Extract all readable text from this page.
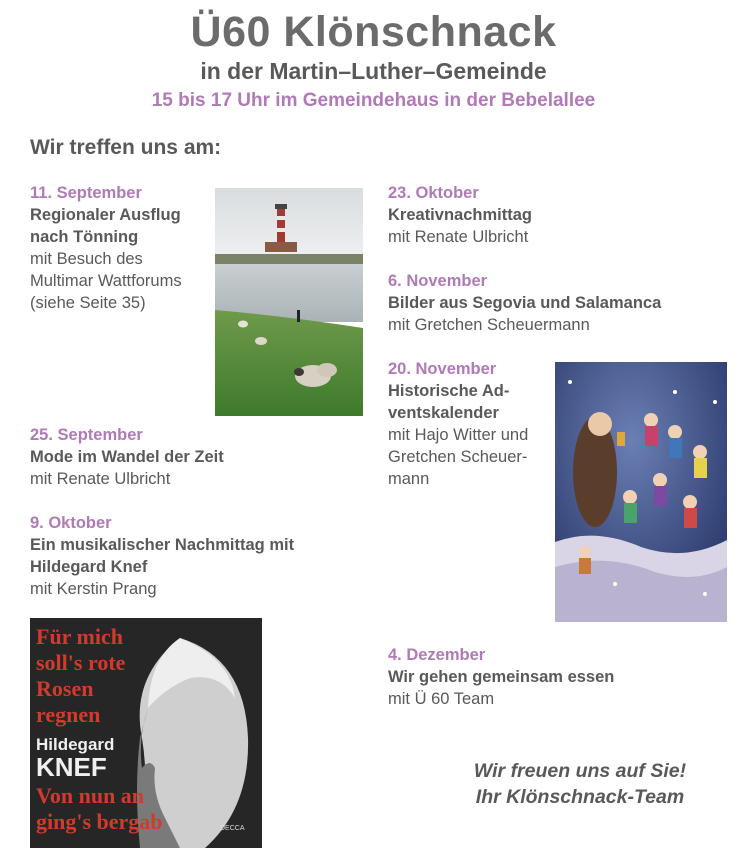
Ü60 Klönschnack
in der Martin–Luther–Gemeinde
15 bis 17 Uhr im Gemeindehaus in der Bebelallee
Wir treffen uns am:
11. September
Regionaler Ausflug
nach Tönning
mit Besuch des
Multimar Wattforums
(siehe Seite 35)
25. September
Mode im Wandel der Zeit
mit Renate Ulbricht
9. Oktober
Ein musikalischer Nachmittag mit
Hildegard Knef
mit Kerstin Prang
23. Oktober
Kreativnachmittag
mit Renate Ulbricht
6. November
Bilder aus Segovia und Salamanca
mit Gretchen Scheuermann
20. November
Historische Ad-
ventskalender
mit Hajo Witter und
Gretchen Scheuer-
mann
4. Dezember
Wir gehen gemeinsam essen
mit Ü 60 Team
Wir freuen uns auf Sie!
Ihr Klönschnack-Team
Für mich
soll's rote
Rosen
regnen
Von nun an
ging's bergab
Hildegard
KNEF
DECCA
